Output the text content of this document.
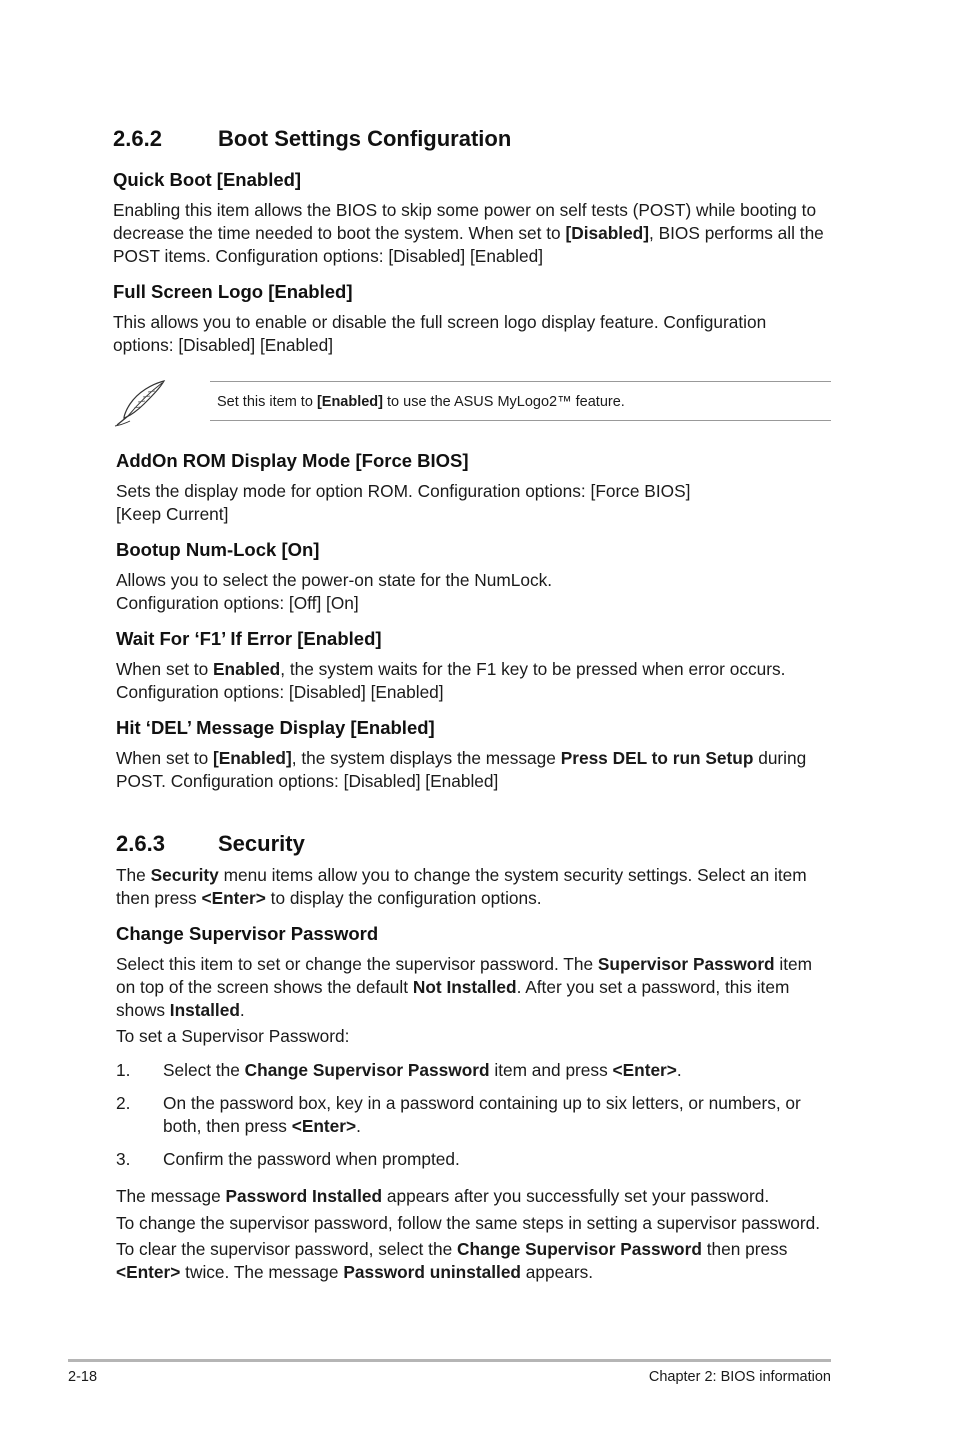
2.6.2	Boot Settings Configuration
Quick Boot [Enabled]
Enabling this item allows the BIOS to skip some power on self tests (POST) while booting to
decrease the time needed to boot the system. When set to [Disabled], BIOS performs all the
POST items. Configuration options: [Disabled] [Enabled]
Full Screen Logo [Enabled]
This allows you to enable or disable the full screen logo display feature. Configuration
options: [Disabled] [Enabled]
Set this item to [Enabled] to use the ASUS MyLogo2™ feature.
AddOn ROM Display Mode [Force BIOS]
Sets the display mode for option ROM. Configuration options: [Force BIOS]
[Keep Current]
Bootup Num-Lock [On]
Allows you to select the power-on state for the NumLock.
Configuration options: [Off] [On]
Wait For ‘F1’ If Error [Enabled]
When set to Enabled, the system waits for the F1 key to be pressed when error occurs.
Configuration options: [Disabled] [Enabled]
Hit ‘DEL’ Message Display [Enabled]
When set to [Enabled], the system displays the message Press DEL to run Setup during
POST. Configuration options: [Disabled] [Enabled]
2.6.3 Security
The Security menu items allow you to change the system security settings. Select an item
then press <Enter> to display the configuration options.
Change Supervisor Password
Select this item to set or change the supervisor password. The Supervisor Password item
on top of the screen shows the default Not Installed. After you set a password, this item
shows Installed.
To set a Supervisor Password:
1. Select the Change Supervisor Password item and press <Enter>.
2. On the password box, key in a password containing up to six letters, or numbers, or
both, then press <Enter>.
3. Confirm the password when prompted.
The message Password Installed appears after you successfully set your password.
To change the supervisor password, follow the same steps in setting a supervisor password.
To clear the supervisor password, select the Change Supervisor Password then press
<Enter> twice. The message Password uninstalled appears.
2-18	Chapter 2: BIOS information
